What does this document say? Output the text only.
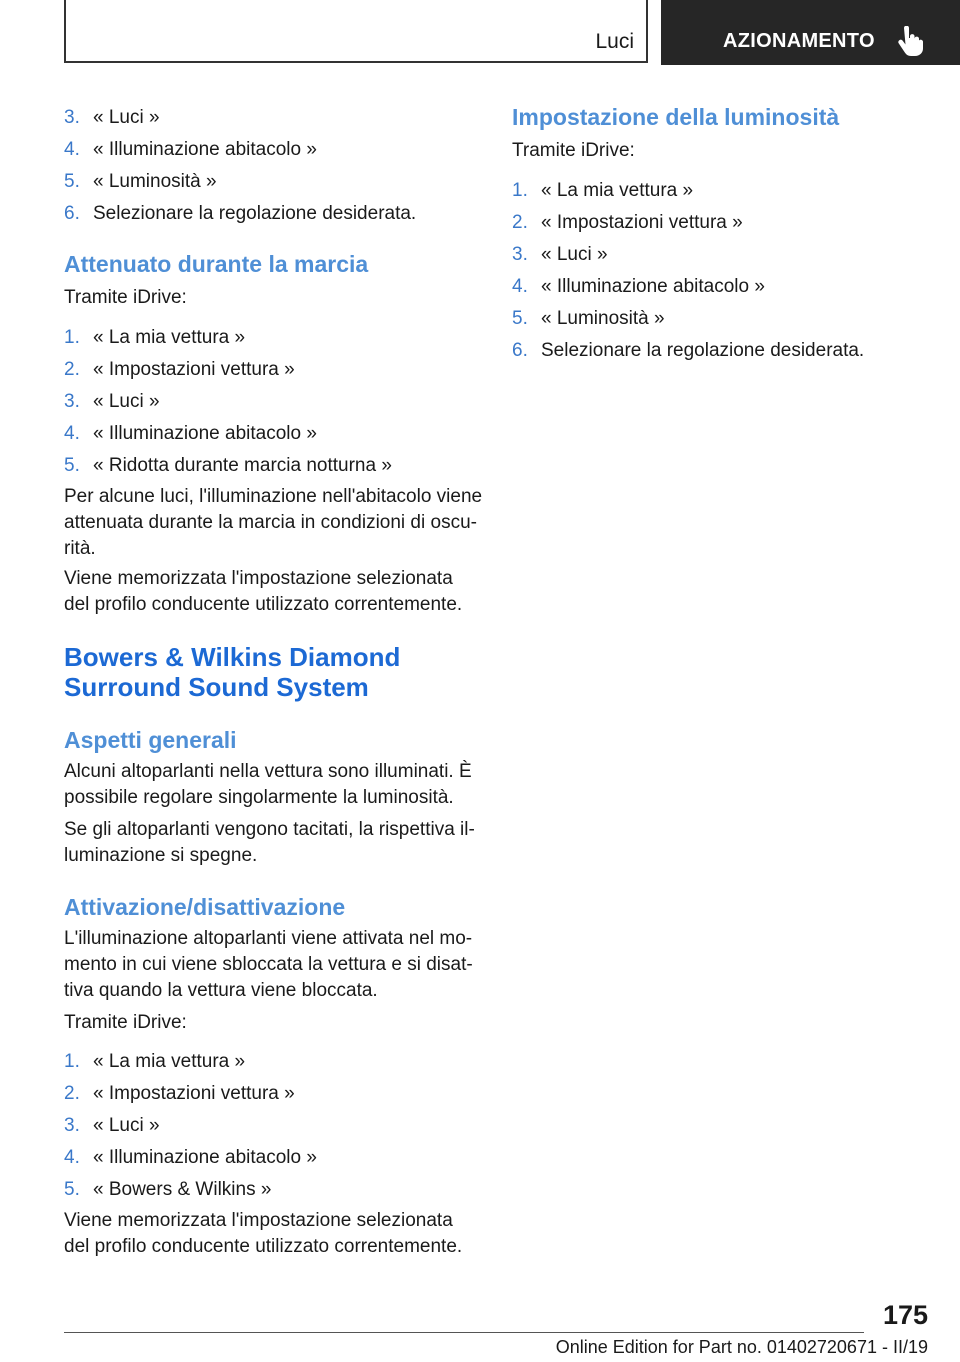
Luci	AZIONAMENTO
3. « Luci »
4. « Illuminazione abitacolo »
5. « Luminosità »
6. Selezionare la regolazione desiderata.
Attenuato durante la marcia
Tramite iDrive:
1. « La mia vettura »
2. « Impostazioni vettura »
3. « Luci »
4. « Illuminazione abitacolo »
5. « Ridotta durante marcia notturna »
Per alcune luci, l'illuminazione nell'abitacolo viene
attenuata durante la marcia in condizioni di oscu-
rità.
Viene memorizzata l'impostazione selezionata
del profilo conducente utilizzato correntemente.
Bowers & Wilkins Diamond
Surround Sound System
Aspetti generali
Alcuni altoparlanti nella vettura sono illuminati. È
possibile regolare singolarmente la luminosità.
Se gli altoparlanti vengono tacitati, la rispettiva il-
luminazione si spegne.
Attivazione/disattivazione
L'illuminazione altoparlanti viene attivata nel mo-
mento in cui viene sbloccata la vettura e si disat-
tiva quando la vettura viene bloccata.
Tramite iDrive:
1. « La mia vettura »
2. « Impostazioni vettura »
3. « Luci »
4. « Illuminazione abitacolo »
5. « Bowers & Wilkins »
Viene memorizzata l'impostazione selezionata
del profilo conducente utilizzato correntemente.
Impostazione della luminosità
Tramite iDrive:
1. « La mia vettura »
2. « Impostazioni vettura »
3. « Luci »
4. « Illuminazione abitacolo »
5. « Luminosità »
6. Selezionare la regolazione desiderata.
175
Online Edition for Part no. 01402720671 - II/19
